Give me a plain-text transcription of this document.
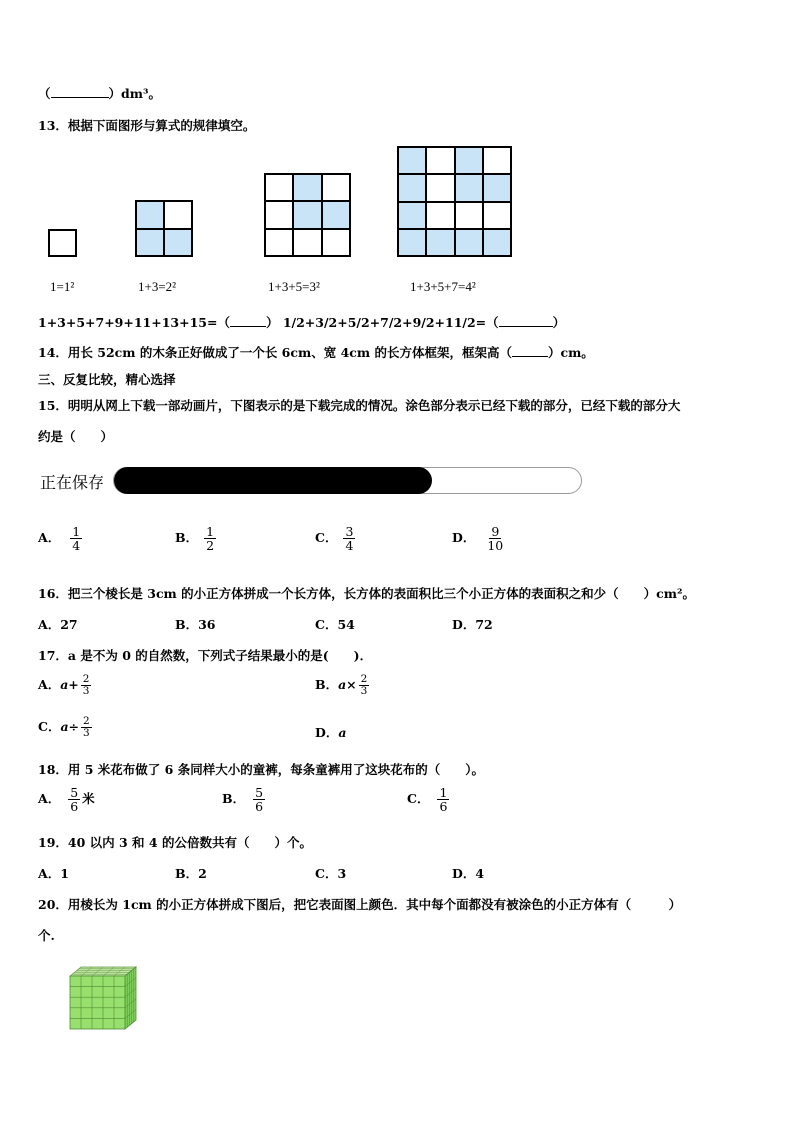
（	）dm³。
13．根据下面图形与算式的规律填空。
1=1²	1+3=2²	1+3+5=3²	1+3+5+7=4²
1+3+5+7+9+11+13+15=（	） 1/2+3/2+5/2+7/2+9/2+11/2=（	）
14．用长 52cm 的木条正好做成了一个长 6cm、宽 4cm 的长方体框架，框架高（	）cm。
三、反复比较，精心选择
15．明明从网上下载一部动画片，下图表示的是下载完成的情况。涂色部分表示已经下载的部分，已经下载的部分大
约是（　　）
正在保存
A． $\frac{1}{4}$	B． $\frac{1}{2}$	C． $\frac{3}{4}$	D． $\frac{9}{10}$
16．把三个棱长是 3cm 的小正方体拼成一个长方体，长方体的表面积比三个小正方体的表面积之和少（　　）cm²。
A．27	B．36	C．54	D．72
17．a 是不为 0 的自然数，下列式子结果最小的是(　　)．
A．$a+ \frac{2}{3}$	B．$a\times \frac{2}{3}$
C．$a\div \frac{2}{3}$	D．a
18．用 5 米花布做了 6 条同样大小的童裤，每条童裤用了这块花布的（　　）。
A． $\frac{5}{6}$ 米	B． $\frac{5}{6}$	C． $\frac{1}{6}$
19．40 以内 3 和 4 的公倍数共有（　　）个。
A．1	B．2	C．3	D．4
20．用棱长为 1cm 的小正方体拼成下图后，把它表面图上颜色．其中每个面都没有被涂色的小正方体有（　　　）
个.
